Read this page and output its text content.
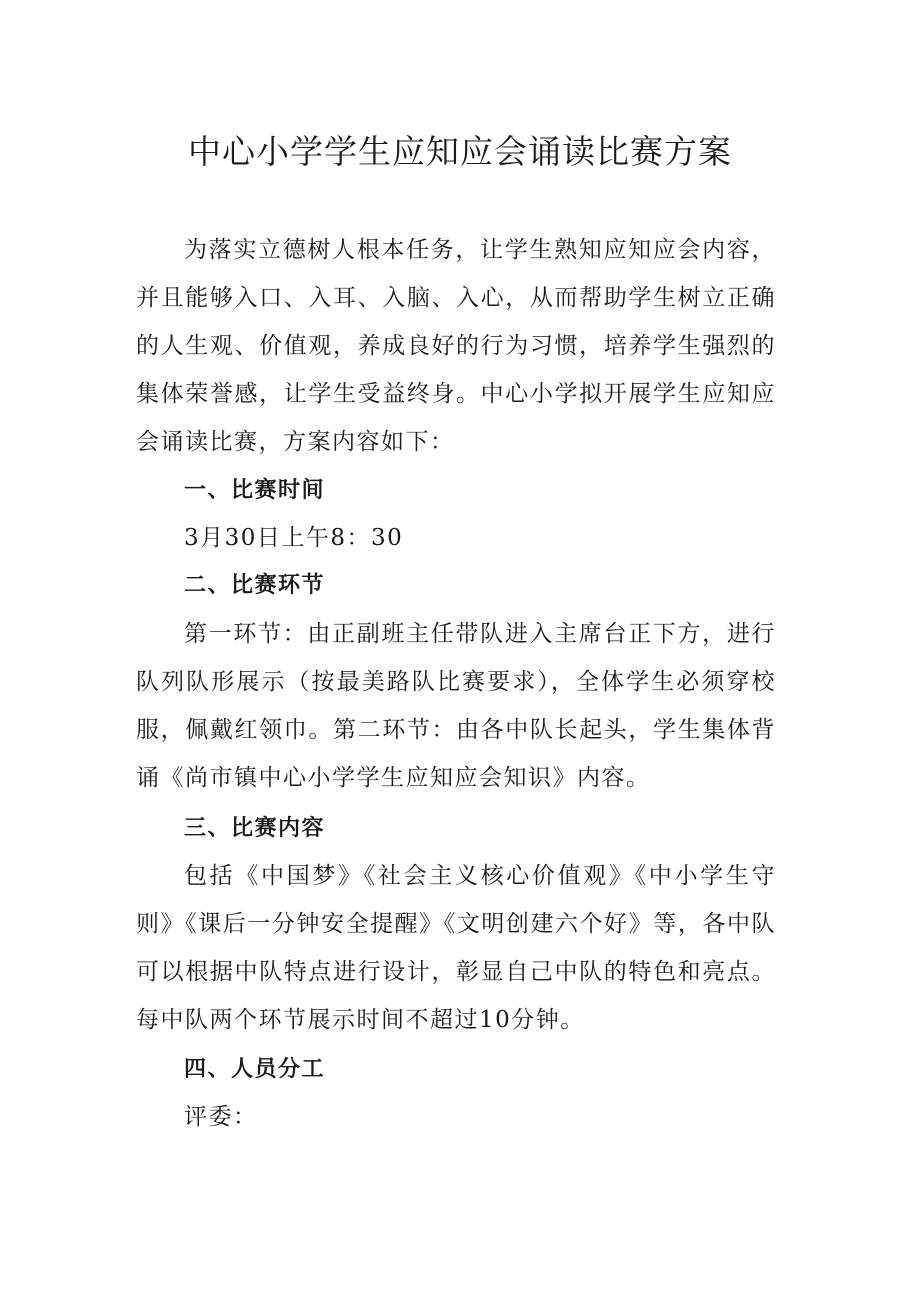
中心小学学生应知应会诵读比赛方案

为落实立德树人根本任务，让学生熟知应知应会内容，并且能够入口、入耳、入脑、入心，从而帮助学生树立正确的人生观、价值观，养成良好的行为习惯，培养学生强烈的集体荣誉感，让学生受益终身。中心小学拟开展学生应知应会诵读比赛，方案内容如下：

一、比赛时间

3月30日上午8：30

二、比赛环节

第一环节：由正副班主任带队进入主席台正下方，进行队列队形展示（按最美路队比赛要求），全体学生必须穿校服，佩戴红领巾。第二环节：由各中队长起头，学生集体背诵《尚市镇中心小学学生应知应会知识》内容。

三、比赛内容

包括《中国梦》《社会主义核心价值观》《中小学生守则》《课后一分钟安全提醒》《文明创建六个好》等，各中队可以根据中队特点进行设计，彰显自己中队的特色和亮点。每中队两个环节展示时间不超过10分钟。

四、人员分工

评委：
